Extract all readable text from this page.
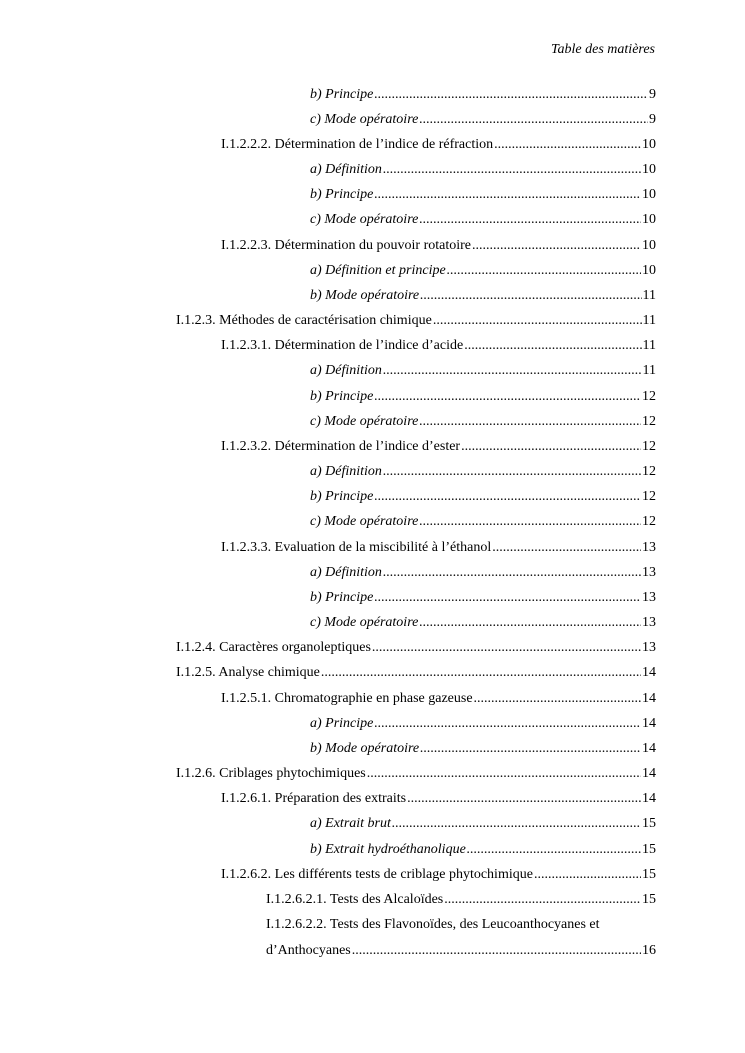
Table des matières
b) Principe .....	9
c) Mode opératoire .....	9
I.1.2.2.2. Détermination de l’indice de réfraction .....	10
a) Définition .....	10
b) Principe .....	10
c) Mode opératoire .....	10
I.1.2.2.3. Détermination du pouvoir rotatoire .....	10
a) Définition et principe .....	10
b) Mode opératoire .....	11
I.1.2.3. Méthodes de caractérisation chimique .....	11
I.1.2.3.1. Détermination de l’indice d’acide .....	11
a) Définition .....	11
b) Principe .....	12
c) Mode opératoire .....	12
I.1.2.3.2. Détermination de l’indice d’ester .....	12
a) Définition .....	12
b) Principe .....	12
c) Mode opératoire .....	12
I.1.2.3.3. Evaluation de la miscibilité à l’éthanol .....	13
a) Définition .....	13
b) Principe .....	13
c) Mode opératoire .....	13
I.1.2.4. Caractères organoleptiques .....	13
I.1.2.5. Analyse chimique .....	14
I.1.2.5.1. Chromatographie en phase gazeuse .....	14
a) Principe .....	14
b) Mode opératoire .....	14
I.1.2.6. Criblages phytochimiques .....	14
I.1.2.6.1. Préparation des extraits .....	14
a) Extrait brut .....	15
b) Extrait hydroéthanolique .....	15
I.1.2.6.2. Les différents tests de criblage phytochimique .....	15
I.1.2.6.2.1. Tests des Alcaloïdes .....	15
I.1.2.6.2.2. Tests des Flavonoïdes, des Leucoanthocyanes et
d’Anthocyanes .....	16
